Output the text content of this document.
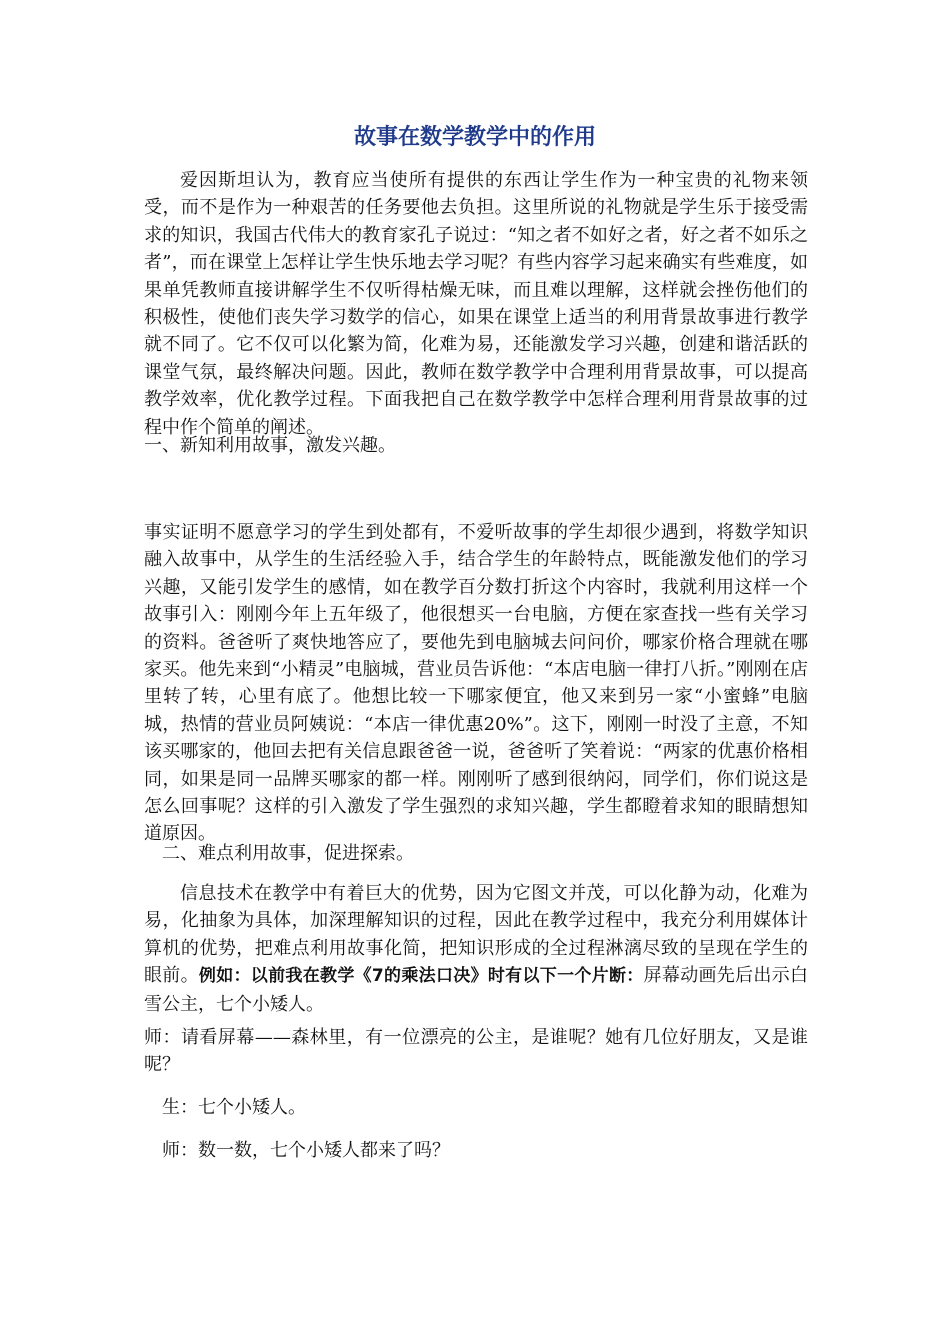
故事在数学教学中的作用

爱因斯坦认为，教育应当使所有提供的东西让学生作为一种宝贵的礼物来领受，而不是作为一种艰苦的任务要他去负担。这里所说的礼物就是学生乐于接受需求的知识，我国古代伟大的教育家孔子说过：“知之者不如好之者，好之者不如乐之者”，而在课堂上怎样让学生快乐地去学习呢？有些内容学习起来确实有些难度，如果单凭教师直接讲解学生不仅听得枯燥无味，而且难以理解，这样就会挫伤他们的积极性，使他们丧失学习数学的信心，如果在课堂上适当的利用背景故事进行教学就不同了。它不仅可以化繁为简，化难为易，还能激发学习兴趣，创建和谐活跃的课堂气氛，最终解决问题。因此，教师在数学教学中合理利用背景故事，可以提高教学效率，优化教学过程。下面我把自己在数学教学中怎样合理利用背景故事的过程中作个简单的阐述。

一、新知利用故事，激发兴趣。

事实证明不愿意学习的学生到处都有，不爱听故事的学生却很少遇到，将数学知识融入故事中，从学生的生活经验入手，结合学生的年龄特点，既能激发他们的学习兴趣，又能引发学生的感情，如在教学百分数打折这个内容时，我就利用这样一个故事引入：刚刚今年上五年级了，他很想买一台电脑，方便在家查找一些有关学习的资料。爸爸听了爽快地答应了，要他先到电脑城去问问价，哪家价格合理就在哪家买。他先来到“小精灵”电脑城，营业员告诉他：“本店电脑一律打八折。”刚刚在店里转了转，心里有底了。他想比较一下哪家便宜，他又来到另一家“小蜜蜂”电脑城，热情的营业员阿姨说：“本店一律优惠20%”。这下，刚刚一时没了主意，不知该买哪家的，他回去把有关信息跟爸爸一说，爸爸听了笑着说：“两家的优惠价格相同，如果是同一品牌买哪家的都一样。刚刚听了感到很纳闷，同学们，你们说这是怎么回事呢？这样的引入激发了学生强烈的求知兴趣，学生都瞪着求知的眼睛想知道原因。

二、难点利用故事，促进探索。

信息技术在教学中有着巨大的优势，因为它图文并茂，可以化静为动，化难为易，化抽象为具体，加深理解知识的过程，因此在教学过程中，我充分利用媒体计算机的优势，把难点利用故事化简，把知识形成的全过程淋漓尽致的呈现在学生的眼前。例如：以前我在教学《7的乘法口决》时有以下一个片断：屏幕动画先后出示白雪公主，七个小矮人。

师：请看屏幕——森林里，有一位漂亮的公主，是谁呢？她有几位好朋友，又是谁呢？

生：七个小矮人。

师：数一数，七个小矮人都来了吗？
